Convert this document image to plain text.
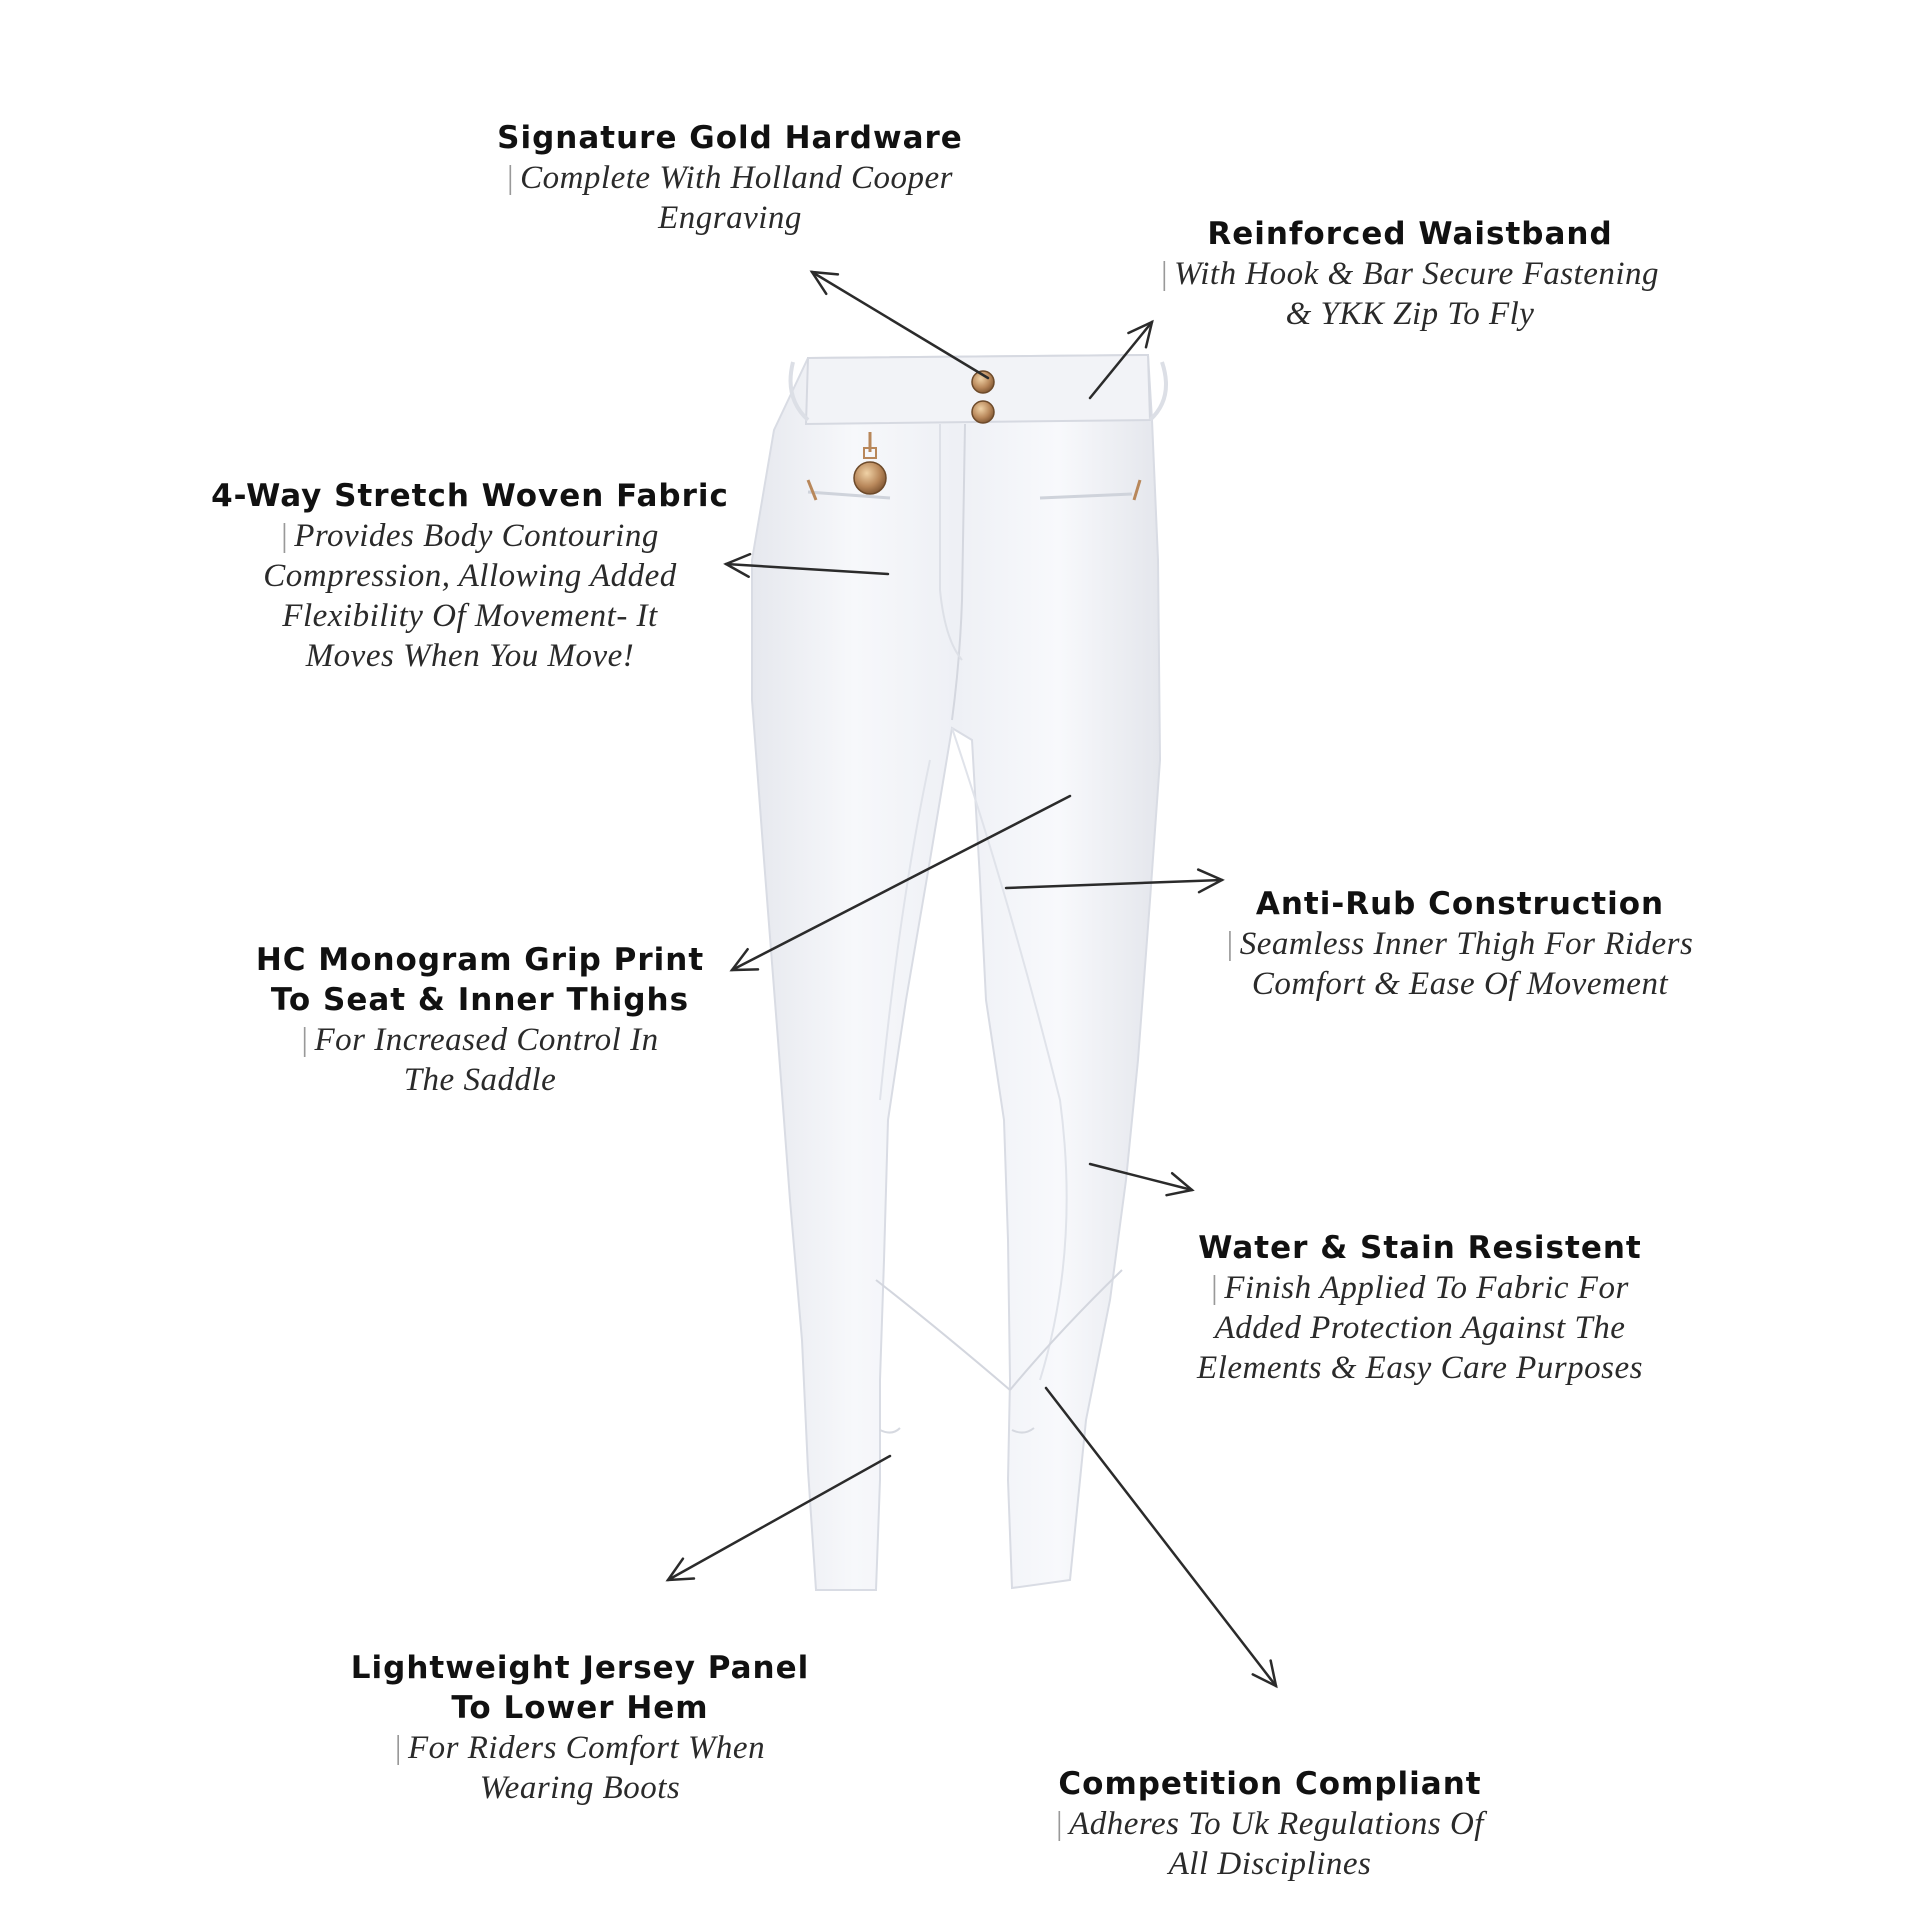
Signature Gold Hardware
| Complete With Holland Cooper
Engraving	Reinforced Waistband
| With Hook & Bar Secure Fastening
& YKK Zip To Fly
4-Way Stretch Woven Fabric
| Provides Body Contouring
Compression, Allowing Added
Flexibility Of Movement- It
Moves When You Move!
Anti-Rub Construction
| Seamless Inner Thigh For Riders
Comfort & Ease Of Movement
HC Monogram Grip Print
To Seat & Inner Thighs
| For Increased Control In
The Saddle
Water & Stain Resistent
| Finish Applied To Fabric For
Added Protection Against The
Elements & Easy Care Purposes
Lightweight Jersey Panel
To Lower Hem
| For Riders Comfort When
Wearing Boots	Competition Compliant
| Adheres To Uk Regulations Of
All Disciplines
